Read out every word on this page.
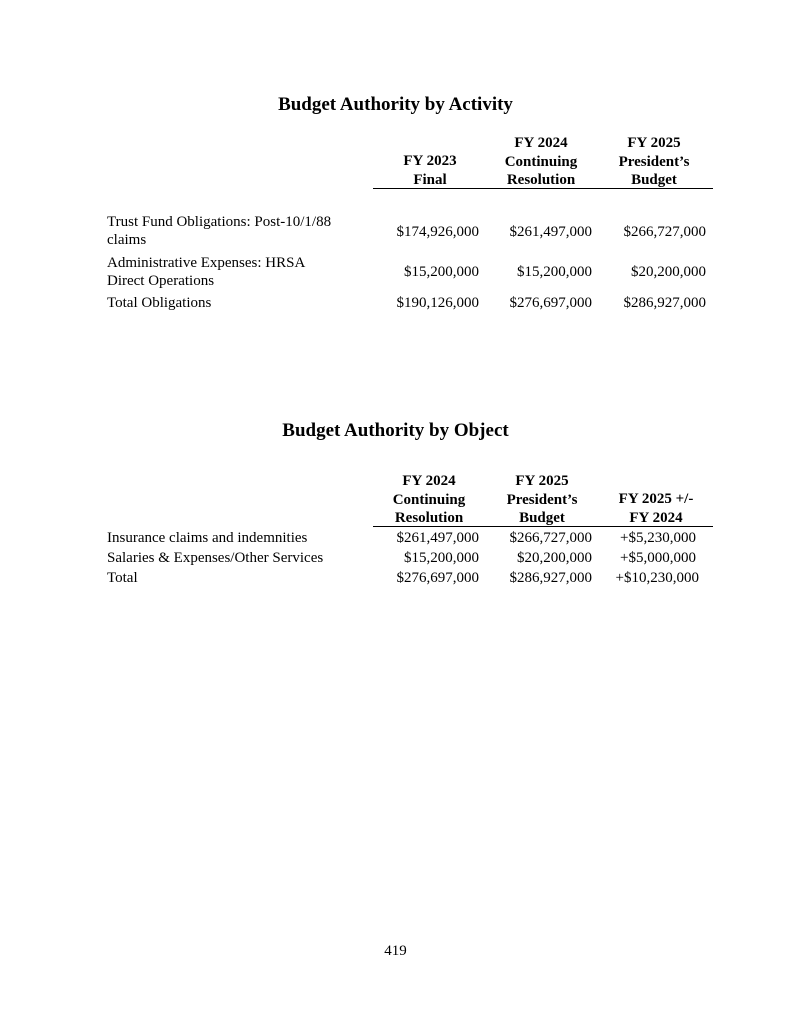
Budget Authority by Activity
FY 2023
Final
FY 2024
Continuing
Resolution
FY 2025
President’s
Budget
Trust Fund Obligations: Post-10/1/88
claims	$174,926,000	$261,497,000	$266,727,000
Administrative Expenses: HRSA
Direct Operations
$15,200,000	$15,200,000	$20,200,000
Total Obligations	$190,126,000	$276,697,000	$286,927,000
Budget Authority by Object
FY 2024
Continuing
Resolution
FY 2025
President’s
Budget
FY 2025 +/-
FY 2024
Insurance claims and indemnities	$261,497,000	$266,727,000	+$5,230,000
Salaries & Expenses/Other Services	$15,200,000	$20,200,000	+$5,000,000
Total	$276,697,000	$286,927,000	+$10,230,000
419
